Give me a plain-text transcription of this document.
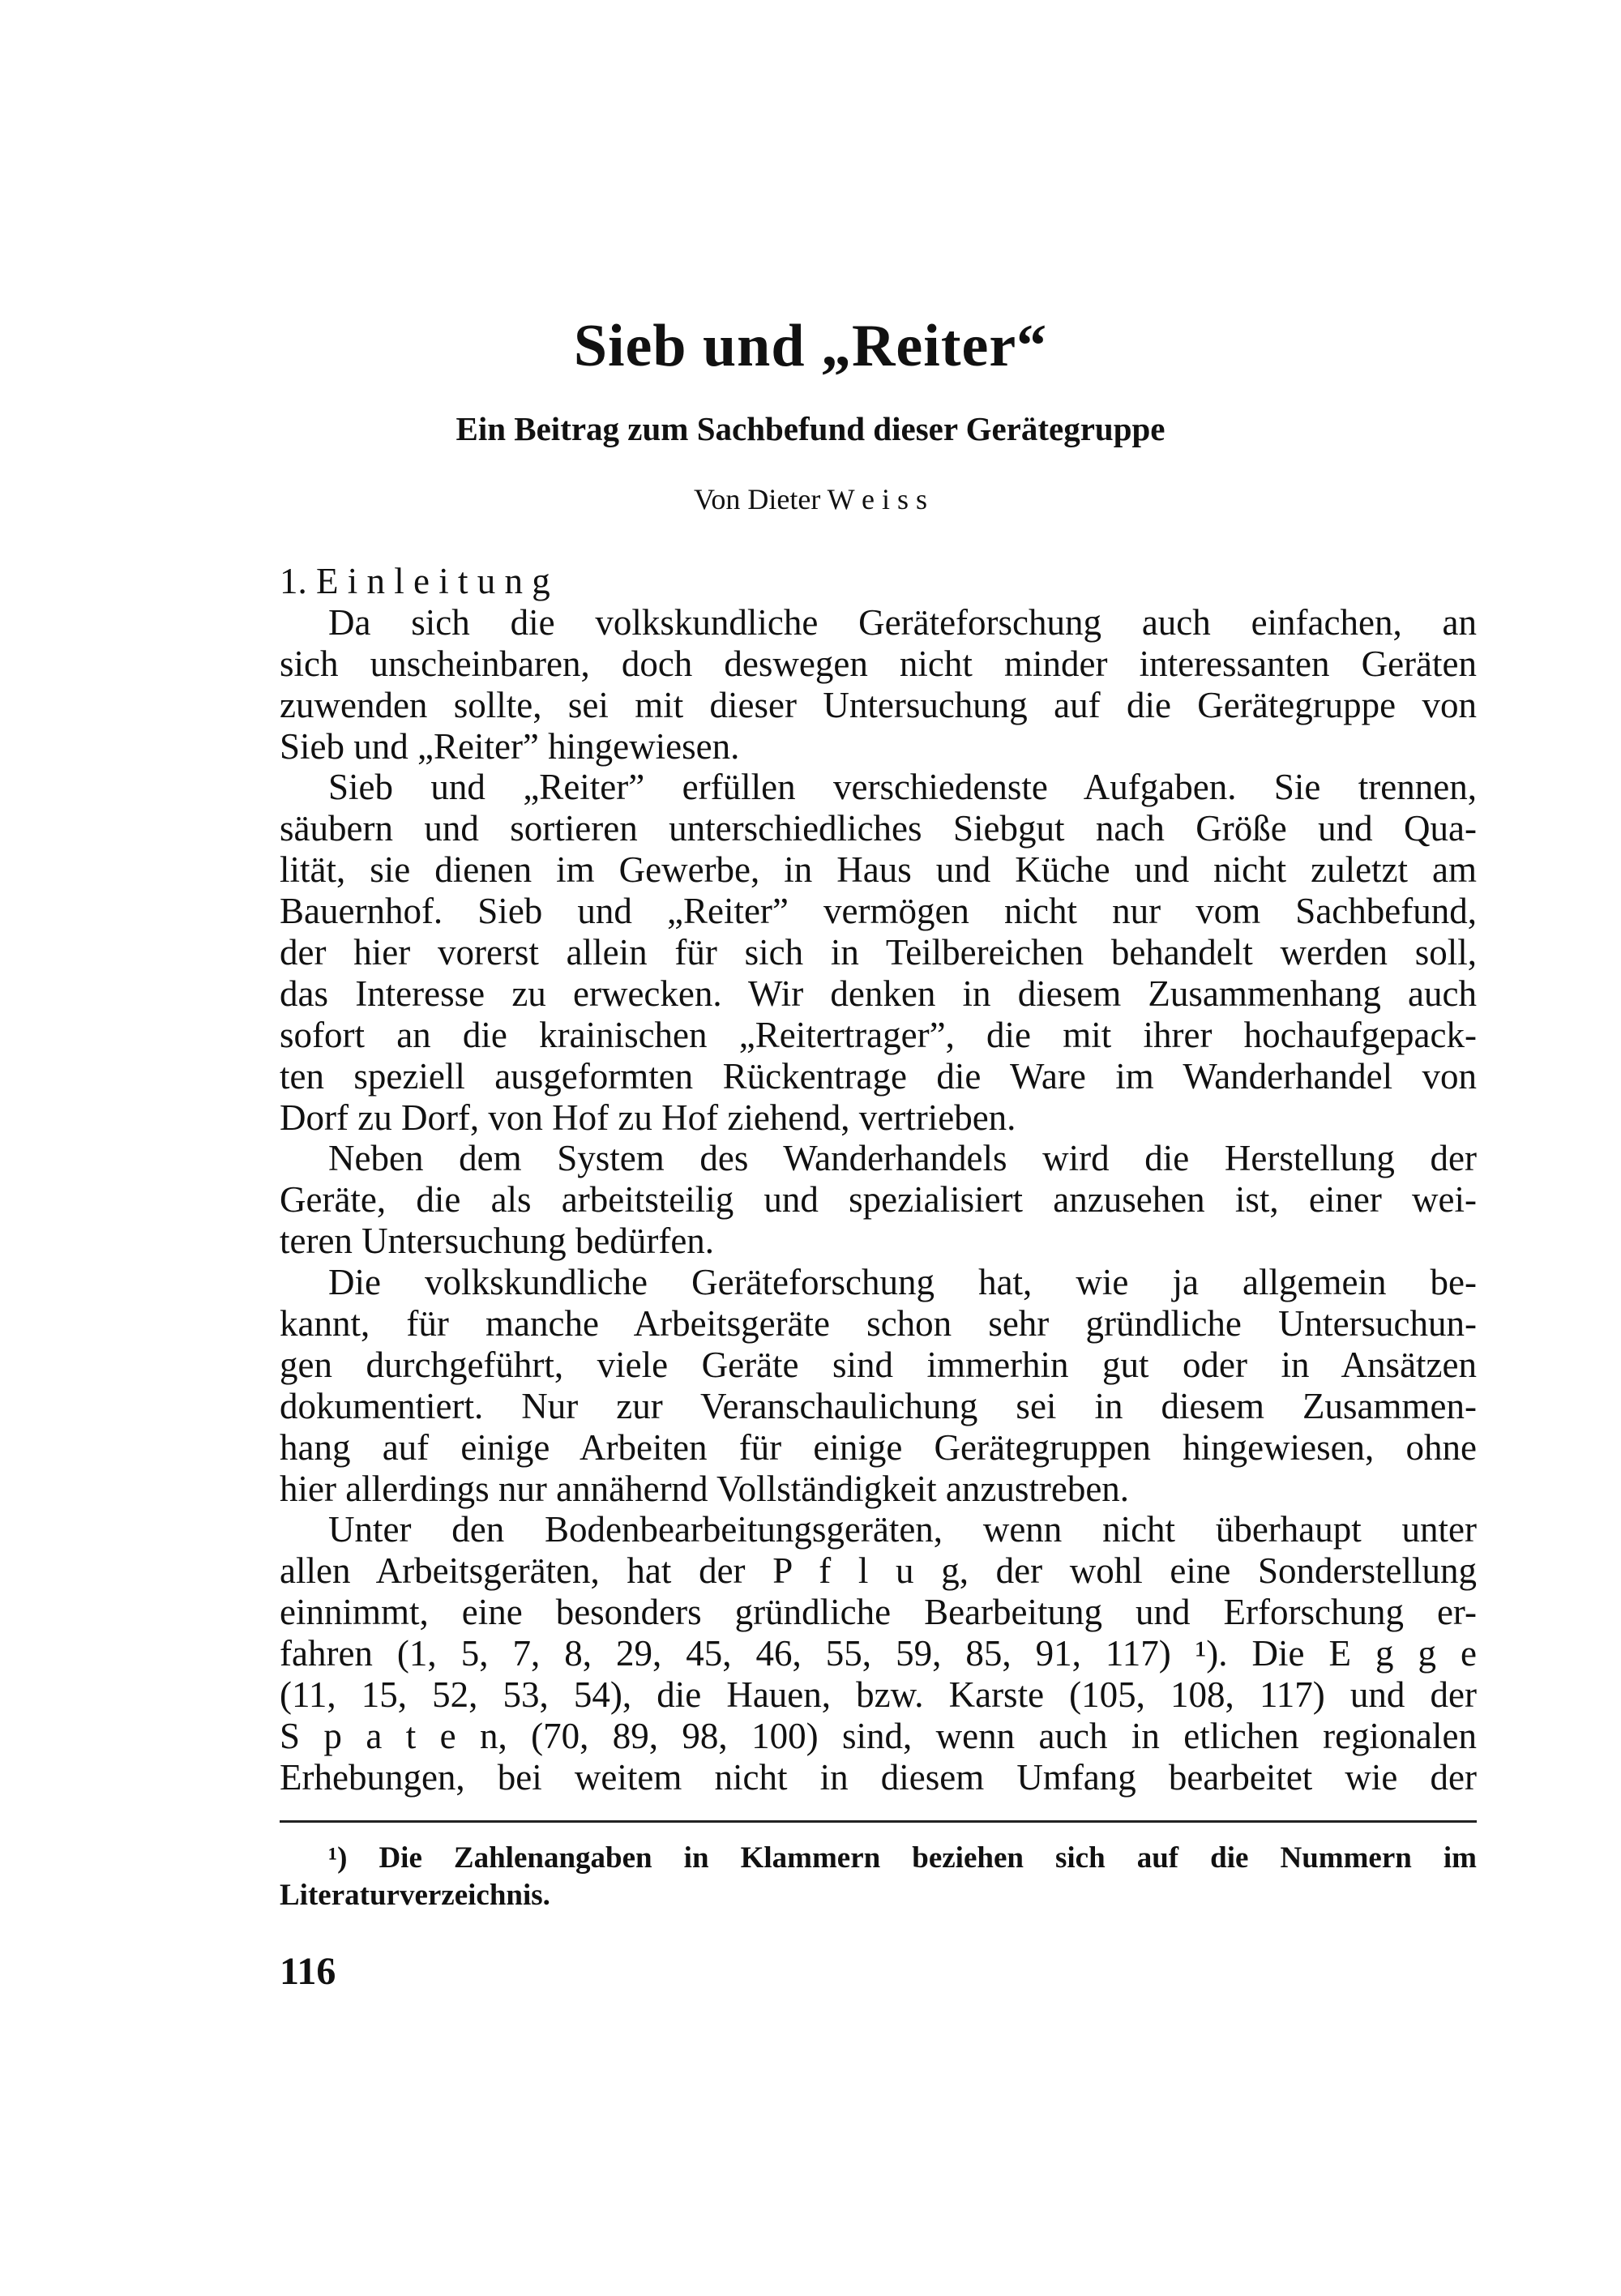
Sieb und „Reiter“
Ein Beitrag zum Sachbefund dieser Gerätegruppe
Von Dieter W e i s s
1. E i n l e i t u n g
Da sich die volkskundliche Geräteforschung auch einfachen, an
sich unscheinbaren, doch deswegen nicht minder interessanten Geräten
zuwenden sollte, sei mit dieser Untersuchung auf die Gerätegruppe von
Sieb und „Reiter” hingewiesen.
Sieb und „Reiter” erfüllen verschiedenste Aufgaben. Sie trennen,
säubern und sortieren unterschiedliches Siebgut nach Größe und Qua-
lität, sie dienen im Gewerbe, in Haus und Küche und nicht zuletzt am
Bauernhof. Sieb und „Reiter” vermögen nicht nur vom Sachbefund,
der hier vorerst allein für sich in Teilbereichen behandelt werden soll,
das Interesse zu erwecken. Wir denken in diesem Zusammenhang auch
sofort an die krainischen „Reitertrager”, die mit ihrer hochaufgepack-
ten speziell ausgeformten Rückentrage die Ware im Wanderhandel von
Dorf zu Dorf, von Hof zu Hof ziehend, vertrieben.
Neben dem System des Wanderhandels wird die Herstellung der
Geräte, die als arbeitsteilig und spezialisiert anzusehen ist, einer wei-
teren Untersuchung bedürfen.
Die volkskundliche Geräteforschung hat, wie ja allgemein be-
kannt, für manche Arbeitsgeräte schon sehr gründliche Untersuchun-
gen durchgeführt, viele Geräte sind immerhin gut oder in Ansätzen
dokumentiert. Nur zur Veranschaulichung sei in diesem Zusammen-
hang auf einige Arbeiten für einige Gerätegruppen hingewiesen, ohne
hier allerdings nur annähernd Vollständigkeit anzustreben.
Unter den Bodenbearbeitungsgeräten, wenn nicht überhaupt unter
allen Arbeitsgeräten, hat der P f l u g, der wohl eine Sonderstellung
einnimmt, eine besonders gründliche Bearbeitung und Erforschung er-
fahren (1, 5, 7, 8, 29, 45, 46, 55, 59, 85, 91, 117) ¹). Die E g g e
(11, 15, 52, 53, 54), die Hauen, bzw. Karste (105, 108, 117) und der
S p a t e n, (70, 89, 98, 100) sind, wenn auch in etlichen regionalen
Erhebungen, bei weitem nicht in diesem Umfang bearbeitet wie der
¹) Die Zahlenangaben in Klammern beziehen sich auf die Nummern im
Literaturverzeichnis.
116
